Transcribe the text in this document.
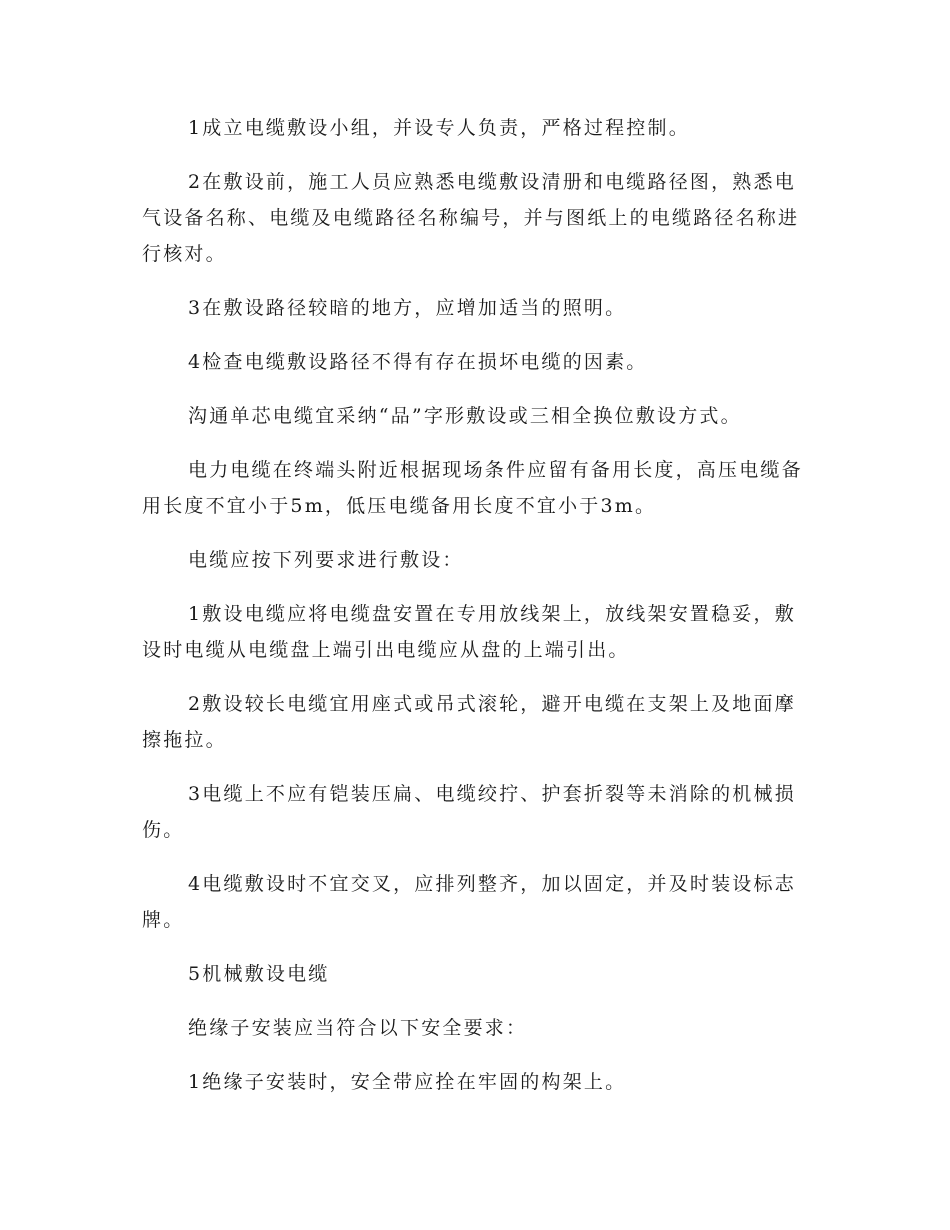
1成立电缆敷设小组，并设专人负责，严格过程控制。

2在敷设前，施工人员应熟悉电缆敷设清册和电缆路径图，熟悉电气设备名称、电缆及电缆路径名称编号，并与图纸上的电缆路径名称进行核对。

3在敷设路径较暗的地方，应增加适当的照明。

4检查电缆敷设路径不得有存在损坏电缆的因素。

沟通单芯电缆宜采纳“品”字形敷设或三相全换位敷设方式。

电力电缆在终端头附近根据现场条件应留有备用长度，高压电缆备用长度不宜小于5m，低压电缆备用长度不宜小于3m。

电缆应按下列要求进行敷设：

1敷设电缆应将电缆盘安置在专用放线架上，放线架安置稳妥，敷设时电缆从电缆盘上端引出电缆应从盘的上端引出。

2敷设较长电缆宜用座式或吊式滚轮，避开电缆在支架上及地面摩擦拖拉。

3电缆上不应有铠装压扁、电缆绞拧、护套折裂等未消除的机械损伤。

4电缆敷设时不宜交叉，应排列整齐，加以固定，并及时装设标志牌。

5机械敷设电缆

绝缘子安装应当符合以下安全要求：

1绝缘子安装时，安全带应拴在牢固的构架上。
